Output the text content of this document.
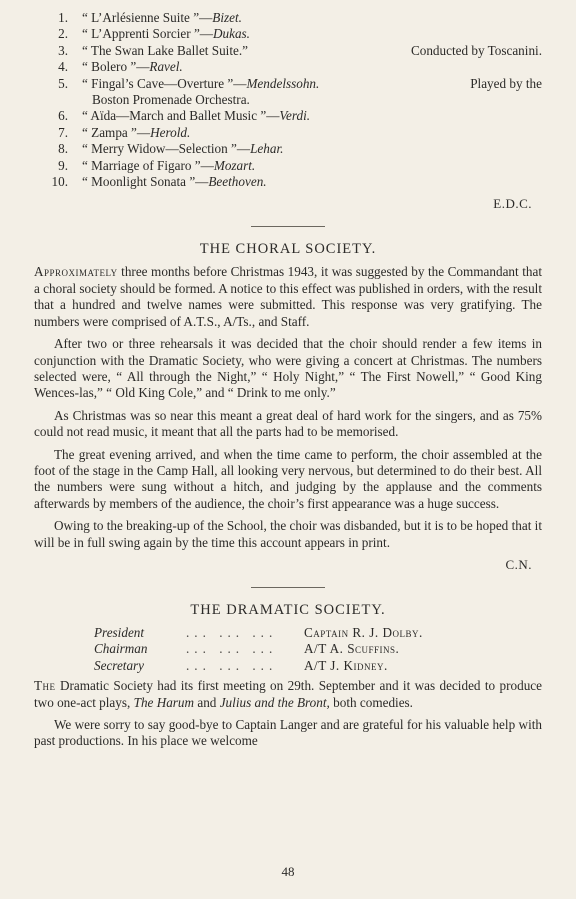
1.	“ L’Arlésienne Suite ”—Bizet.
2.	“ L’Apprenti Sorcier ”—Dukas.
3.	“ The Swan Lake Ballet Suite.”	Conducted by Toscanini.
4.	“ Bolero ”—Ravel.
5.	“ Fingal’s Cave—Overture ”—Mendelssohn.	Played by the
Boston Promenade Orchestra.
6.	“ Aïda—March and Ballet Music ”—Verdi.
7.	“ Zampa ”—Herold.
8.	“ Merry Widow—Selection ”—Lehar.
9.	“ Marriage of Figaro ”—Mozart.
10.	“ Moonlight Sonata ”—Beethoven.
E.D.C.
THE CHORAL SOCIETY.

Approximately three months before Christmas 1943, it was suggested by the Commandant that a choral society should be formed. A notice to this effect was published in orders, with the result that a hundred and twelve names were submitted. This response was very gratifying. The numbers were comprised of A.T.S., A/Ts., and Staff.

After two or three rehearsals it was decided that the choir should render a few items in conjunction with the Dramatic Society, who were giving a concert at Christmas. The numbers selected were, “ All through the Night,” “ Holy Night,” “ The First Nowell,” “ Good King Wences-las,” “ Old King Cole,” and “ Drink to me only.”

As Christmas was so near this meant a great deal of hard work for the singers, and as 75% could not read music, it meant that all the parts had to be memorised.

The great evening arrived, and when the time came to perform, the choir assembled at the foot of the stage in the Camp Hall, all looking very nervous, but determined to do their best. All the numbers were sung without a hitch, and judging by the applause and the comments afterwards by members of the audience, the choir’s first appearance was a huge success.

Owing to the breaking-up of the School, the choir was disbanded, but it is to be hoped that it will be in full swing again by the time this account appears in print.

C.N.
THE DRAMATIC SOCIETY.
President	... ... ...	Captain R. J. Dolby.
Chairman	... ... ...	A/T A. Scuffins.
Secretary	... ... ...	A/T J. Kidney.

The Dramatic Society had its first meeting on 29th. September and it was decided to produce two one-act plays, The Harum and Julius and the Bront, both comedies.

We were sorry to say good-bye to Captain Langer and are grateful for his valuable help with past productions. In his place we welcome

48
